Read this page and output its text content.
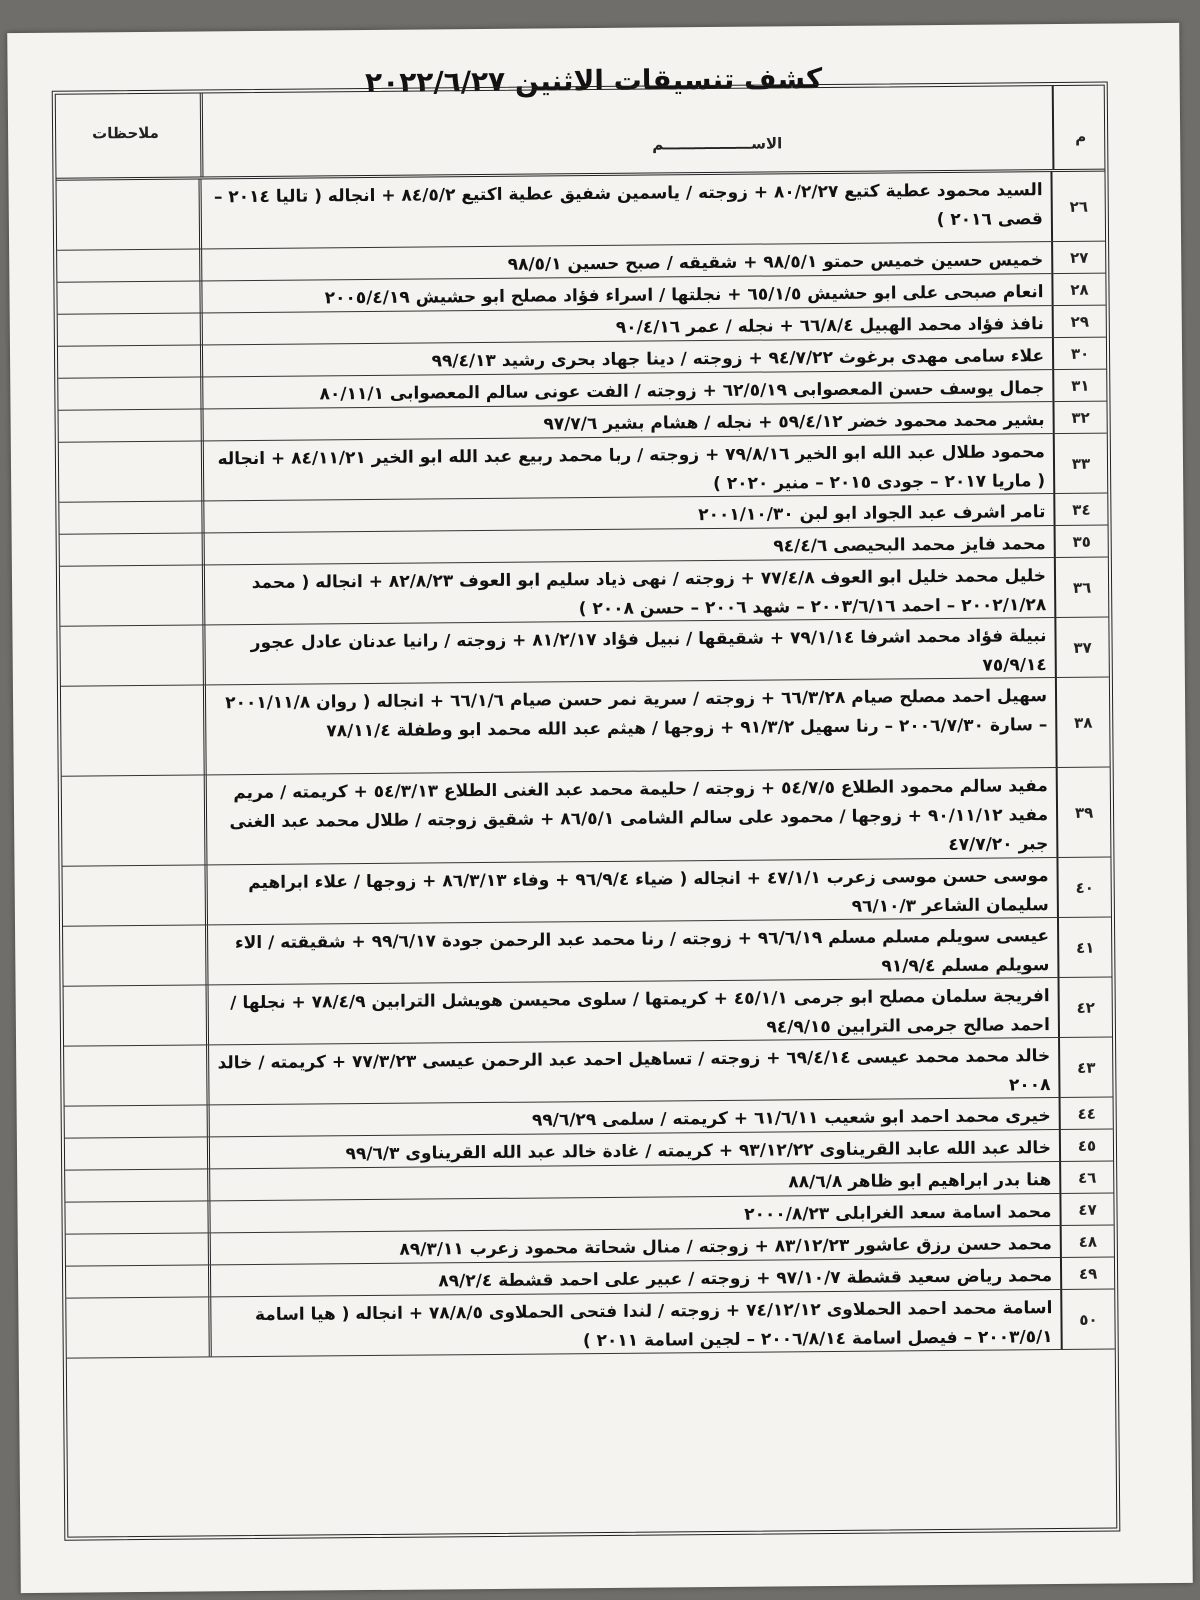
كشف تنسيقات الاثنين ٢٠٢٢/٦/٢٧
م
الاســـــــــــــــــم
ملاحظات
٢٦
السيد محمود عطية كتيع ٨٠/٢/٢٧ + زوجته / ياسمين شفيق عطية اكتيع ٨٤/٥/٢ + انجاله ( تاليا ٢٠١٤ – قصى ٢٠١٦ )
٢٧
خميس حسين خميس حمتو ٩٨/٥/١ + شقيقه / صبح حسين ٩٨/٥/١
٢٨
انعام صبحى على ابو حشيش ٦٥/١/٥ + نجلتها / اسراء فؤاد مصلح ابو حشيش ٢٠٠٥/٤/١٩
٢٩
نافذ فؤاد محمد الهبيل ٦٦/٨/٤ + نجله / عمر ٩٠/٤/١٦
٣٠
علاء سامى مهدى برغوث ٩٤/٧/٢٢ + زوجته / دينا جهاد بحرى رشيد ٩٩/٤/١٣
٣١
جمال يوسف حسن المعصوابى ٦٢/٥/١٩ + زوجته / الفت عونى سالم المعصوابى ٨٠/١١/١
٣٢
بشير محمد محمود خضر ٥٩/٤/١٢ + نجله / هشام بشير ٩٧/٧/٦
٣٣
محمود طلال عبد الله ابو الخير ٧٩/٨/١٦ + زوجته / ربا محمد ربيع عبد الله ابو الخير ٨٤/١١/٢١ + انجاله ( ماريا ٢٠١٧ – جودى ٢٠١٥ – منير ٢٠٢٠ )
٣٤
تامر اشرف عبد الجواد ابو لبن ٢٠٠١/١٠/٣٠
٣٥
محمد فايز محمد البحيصى ٩٤/٤/٦
٣٦
خليل محمد خليل ابو العوف ٧٧/٤/٨ + زوجته / نهى ذياد سليم ابو العوف ٨٢/٨/٢٣ + انجاله ( محمد ٢٠٠٢/١/٢٨ – احمد ٢٠٠٣/٦/١٦ – شهد ٢٠٠٦ – حسن ٢٠٠٨ )
٣٧
نبيلة فؤاد محمد اشرفا ٧٩/١/١٤ + شقيقها / نبيل فؤاد ٨١/٢/١٧ + زوجته / رانيا عدنان عادل عجور ٧٥/٩/١٤
٣٨
سهيل احمد مصلح صيام ٦٦/٣/٢٨ + زوجته / سرية نمر حسن صيام ٦٦/١/٦ + انجاله ( روان ٢٠٠١/١١/٨ – سارة ٢٠٠٦/٧/٣٠ – رنا سهيل ٩١/٣/٢ + زوجها / هيثم عبد الله محمد ابو وطفلة ٧٨/١١/٤
٣٩
مفيد سالم محمود الطلاع ٥٤/٧/٥ + زوجته / حليمة محمد عبد الغنى الطلاع ٥٤/٣/١٣ + كريمته / مريم مفيد ٩٠/١١/١٢ + زوجها / محمود على سالم الشامى ٨٦/٥/١ + شقيق زوجته / طلال محمد عبد الغنى جبر ٤٧/٧/٢٠
٤٠
موسى حسن موسى زعرب ٤٧/١/١ + انجاله ( ضياء ٩٦/٩/٤ + وفاء ٨٦/٣/١٣ + زوجها / علاء ابراهيم سليمان الشاعر ٩٦/١٠/٣
٤١
عيسى سويلم مسلم مسلم ٩٦/٦/١٩ + زوجته / رنا محمد عبد الرحمن جودة ٩٩/٦/١٧ + شقيقته / الاء سويلم مسلم ٩١/٩/٤
٤٢
افريجة سلمان مصلح ابو جرمى ٤٥/١/١ + كريمتها / سلوى محيسن هويشل الترابين ٧٨/٤/٩ + نجلها / احمد صالح جرمى الترابين ٩٤/٩/١٥
٤٣
خالد محمد محمد عيسى ٦٩/٤/١٤ + زوجته / تساهيل احمد عبد الرحمن عيسى ٧٧/٣/٢٣ + كريمته / خالد ٢٠٠٨
٤٤
خيرى محمد احمد ابو شعيب ٦١/٦/١١ + كريمته / سلمى ٩٩/٦/٢٩
٤٥
خالد عبد الله عابد القريناوى ٩٣/١٢/٢٢ + كريمته / غادة خالد عبد الله القريناوى ٩٩/٦/٣
٤٦
هنا بدر ابراهيم ابو ظاهر ٨٨/٦/٨
٤٧
محمد اسامة سعد الغرابلى ٢٠٠٠/٨/٢٣
٤٨
محمد حسن رزق عاشور ٨٣/١٢/٢٣ + زوجته / منال شحاتة محمود زعرب ٨٩/٣/١١
٤٩
محمد رياض سعيد قشطة ٩٧/١٠/٧ + زوجته / عبير على احمد قشطة ٨٩/٢/٤
٥٠
اسامة محمد احمد الحملاوى ٧٤/١٢/١٢ + زوجته / لندا فتحى الحملاوى ٧٨/٨/٥ + انجاله ( هيا اسامة ٢٠٠٣/٥/١ – فيصل اسامة ٢٠٠٦/٨/١٤ – لجين اسامة ٢٠١١ )
